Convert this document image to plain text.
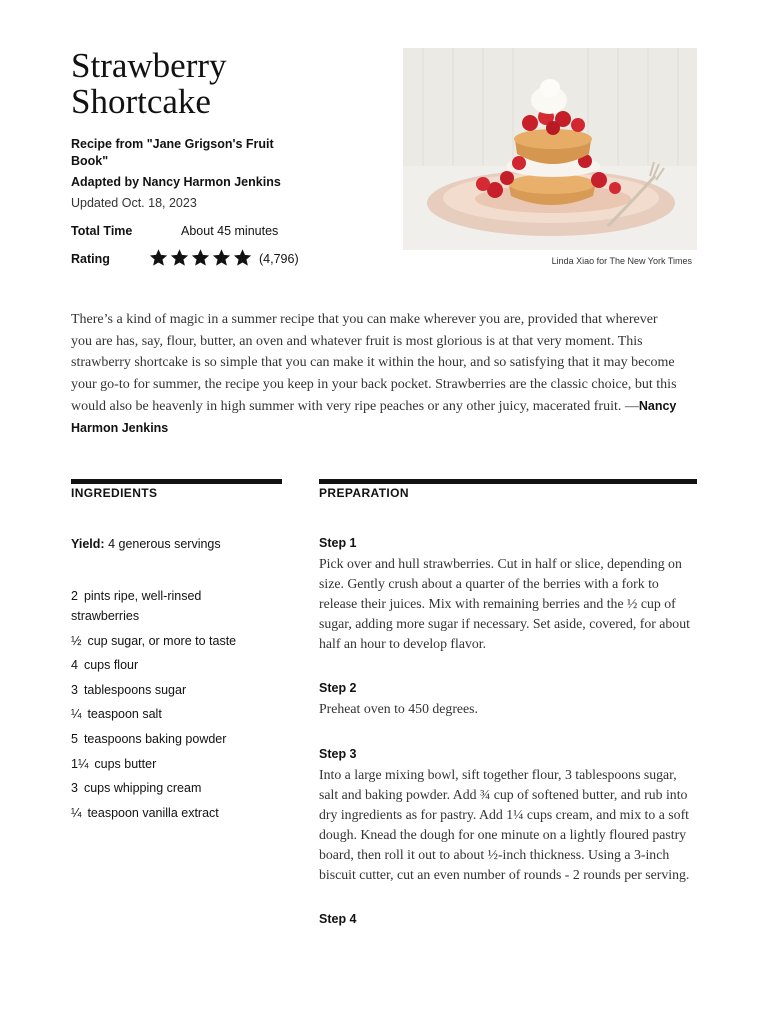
Strawberry Shortcake
Recipe from "Jane Grigson's Fruit Book"
Adapted by Nancy Harmon Jenkins
Updated Oct. 18, 2023
Total Time	About 45 minutes
Rating	(4,796)	Linda Xiao for The New York Times

There’s a kind of magic in a summer recipe that you can make wherever you are, provided that wherever you are has, say, flour, butter, an oven and whatever fruit is most glorious is at that very moment. This strawberry shortcake is so simple that you can make it within the hour, and so satisfying that it may become your go-to for summer, the recipe you keep in your back pocket. Strawberries are the classic choice, but this would also be heavenly in high summer with very ripe peaches or any other juicy, macerated fruit. —Nancy Harmon Jenkins

INGREDIENTS	PREPARATION
Yield: 4 generous servings
2 pints ripe, well-rinsed strawberries
½ cup sugar, or more to taste
4 cups flour
3 tablespoons sugar
¼ teaspoon salt
5 teaspoons baking powder
1¼ cups butter
3 cups whipping cream
¼ teaspoon vanilla extract
Step 1
Pick over and hull strawberries. Cut in half or slice, depending on size. Gently crush about a quarter of the berries with a fork to release their juices. Mix with remaining berries and the ½ cup of sugar, adding more sugar if necessary. Set aside, covered, for about half an hour to develop flavor.
Step 2
Preheat oven to 450 degrees.
Step 3
Into a large mixing bowl, sift together flour, 3 tablespoons sugar, salt and baking powder. Add ¾ cup of softened butter, and rub into dry ingredients as for pastry. Add 1¼ cups cream, and mix to a soft dough. Knead the dough for one minute on a lightly floured pastry board, then roll it out to about ½-inch thickness. Using a 3-inch biscuit cutter, cut an even number of rounds - 2 rounds per serving.
Step 4
